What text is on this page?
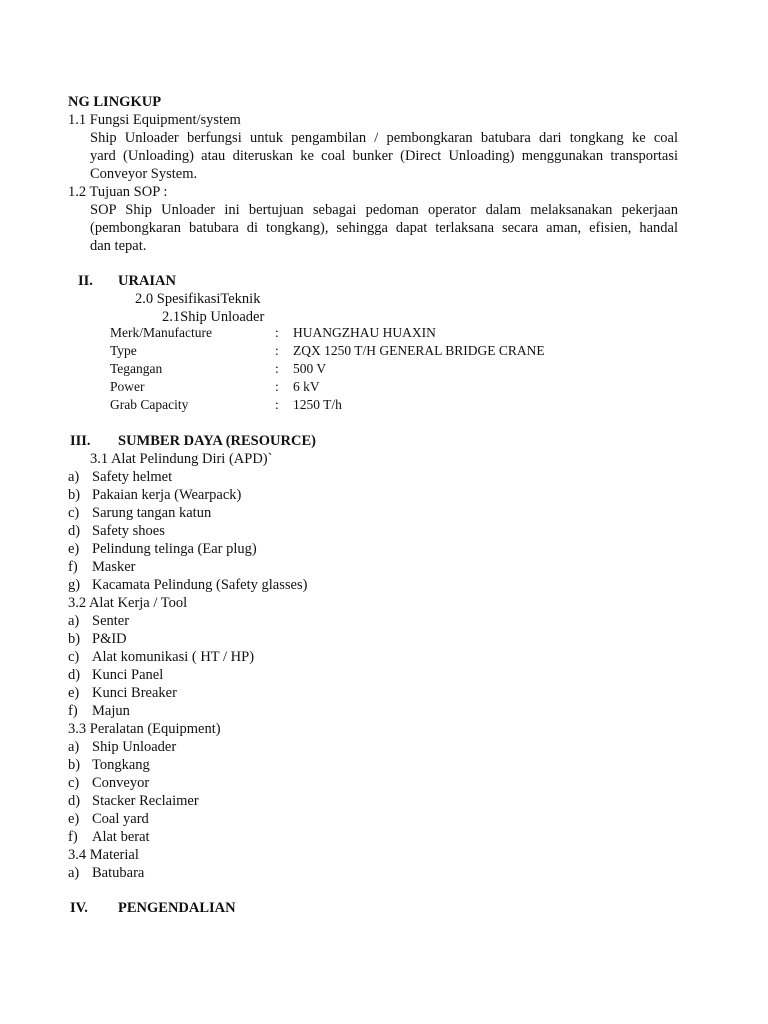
NG LINGKUP
1.1 Fungsi Equipment/system
Ship Unloader berfungsi untuk pengambilan / pembongkaran batubara dari tongkang ke coal
yard (Unloading) atau diteruskan ke coal bunker (Direct Unloading) menggunakan transportasi
Conveyor System.
1.2 Tujuan SOP :
SOP Ship Unloader ini bertujuan sebagai pedoman operator dalam melaksanakan pekerjaan
(pembongkaran batubara di tongkang), sehingga dapat terlaksana secara aman, efisien, handal
dan tepat.
II. URAIAN
2.0 SpesifikasiTeknik
2.1Ship Unloader
Merk/Manufacture	: HUANGZHAU HUAXIN
Type	: ZQX 1250 T/H GENERAL BRIDGE CRANE
Tegangan	: 500 V
Power	: 6 kV
Grab Capacity	: 1250 T/h
III. SUMBER DAYA (RESOURCE)
3.1 Alat Pelindung Diri (APD)`
a) Safety helmet
b) Pakaian kerja (Wearpack)
c) Sarung tangan katun
d) Safety shoes
e) Pelindung telinga (Ear plug)
f) Masker
g) Kacamata Pelindung (Safety glasses)
3.2 Alat Kerja / Tool
a) Senter
b) P&ID
c) Alat komunikasi ( HT / HP)
d) Kunci Panel
e) Kunci Breaker
f) Majun
3.3 Peralatan (Equipment)
a) Ship Unloader
b) Tongkang
c) Conveyor
d) Stacker Reclaimer
e) Coal yard
f) Alat berat
3.4 Material
a) Batubara
IV. PENGENDALIAN
